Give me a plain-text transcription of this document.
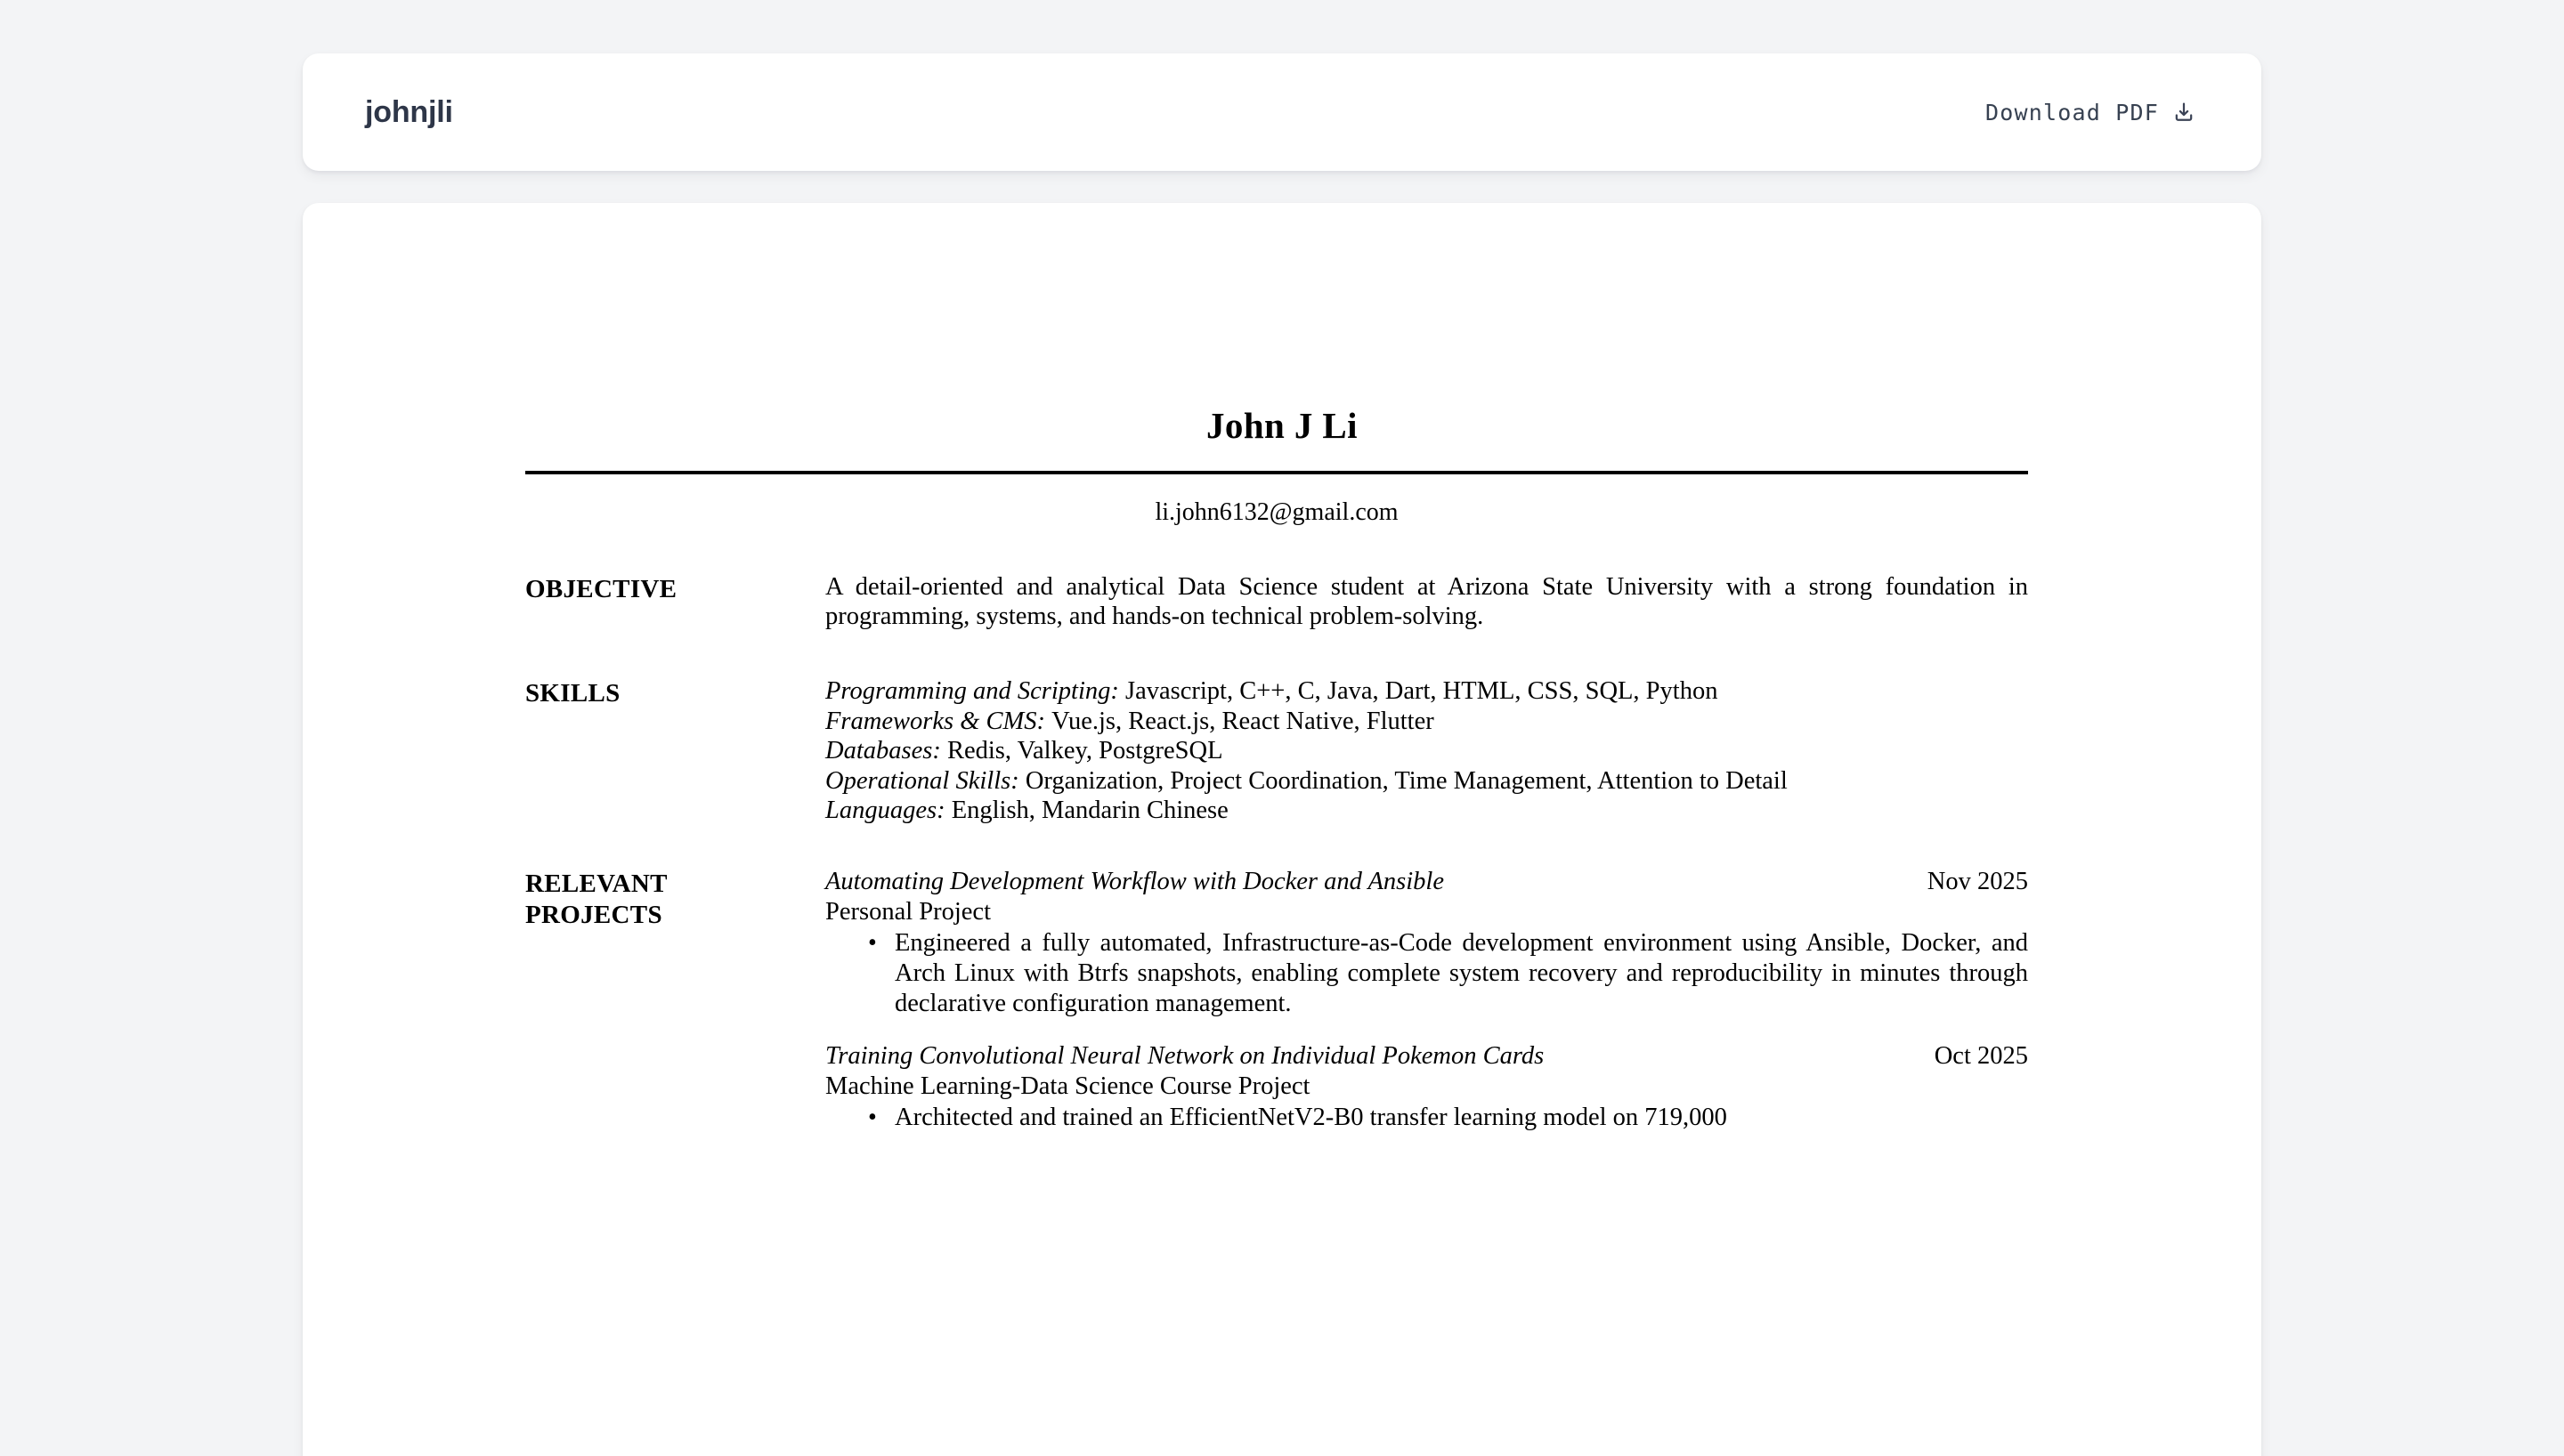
johnjli	Download PDF
John J Li
li.john6132@gmail.com
OBJECTIVE	A detail-oriented and analytical Data Science student at Arizona State University with a strong foundation in programming, systems, and hands-on technical problem-solving.
SKILLS	Programming and Scripting: Javascript, C++, C, Java, Dart, HTML, CSS, SQL, Python
Frameworks & CMS: Vue.js, React.js, React Native, Flutter
Databases: Redis, Valkey, PostgreSQL
Operational Skills: Organization, Project Coordination, Time Management, Attention to Detail
Languages: English, Mandarin Chinese
RELEVANT
PROJECTS
Automating Development Workflow with Docker and Ansible	Nov 2025
Personal Project
• Engineered a fully automated, Infrastructure-as-Code development environment using Ansible, Docker, and Arch Linux with Btrfs snapshots, enabling complete system recovery and reproducibility in minutes through declarative configuration management.
Training Convolutional Neural Network on Individual Pokemon Cards	Oct 2025
Machine Learning-Data Science Course Project
• Architected and trained an EfficientNetV2-B0 transfer learning model on 719,000
